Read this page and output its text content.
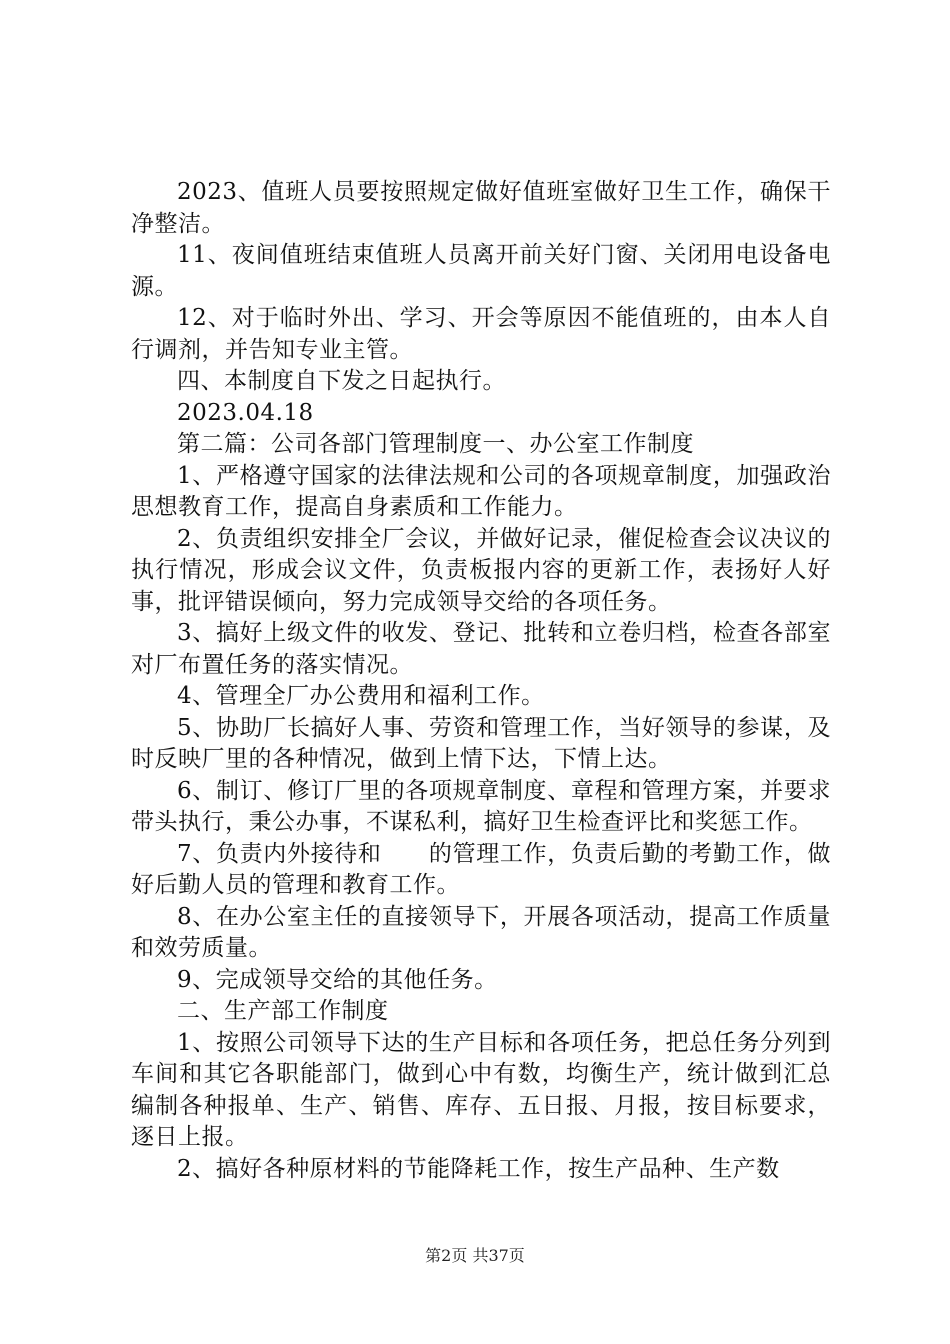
2023、值班人员要按照规定做好值班室做好卫生工作，确保干净整洁。

11、夜间值班结束值班人员离开前关好门窗、关闭用电设备电源。

12、对于临时外出、学习、开会等原因不能值班的，由本人自行调剂，并告知专业主管。

四、本制度自下发之日起执行。

2023.04.18

第二篇：公司各部门管理制度一、办公室工作制度

1、严格遵守国家的法律法规和公司的各项规章制度，加强政治思想教育工作，提高自身素质和工作能力。

2、负责组织安排全厂会议，并做好记录，催促检查会议决议的执行情况，形成会议文件，负责板报内容的更新工作，表扬好人好事，批评错误倾向，努力完成领导交给的各项任务。

3、搞好上级文件的收发、登记、批转和立卷归档，检查各部室对厂布置任务的落实情况。

4、管理全厂办公费用和福利工作。

5、协助厂长搞好人事、劳资和管理工作，当好领导的参谋，及时反映厂里的各种情况，做到上情下达，下情上达。

6、制订、修订厂里的各项规章制度、章程和管理方案，并要求带头执行，秉公办事，不谋私利，搞好卫生检查评比和奖惩工作。

7、负责内外接待和　　的管理工作，负责后勤的考勤工作，做好后勤人员的管理和教育工作。

8、在办公室主任的直接领导下，开展各项活动，提高工作质量和效劳质量。

9、完成领导交给的其他任务。

二、生产部工作制度

1、按照公司领导下达的生产目标和各项任务，把总任务分列到车间和其它各职能部门，做到心中有数，均衡生产，统计做到汇总编制各种报单、生产、销售、库存、五日报、月报，按目标要求，逐日上报。

2、搞好各种原材料的节能降耗工作，按生产品种、生产数

第2页 共37页
